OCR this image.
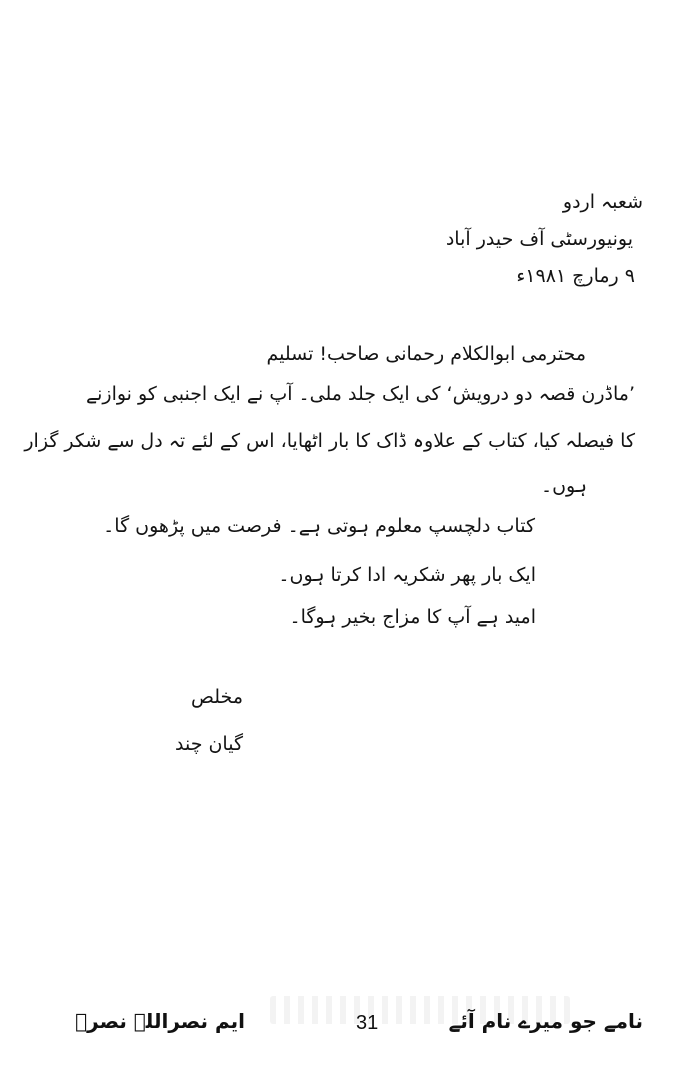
شعبہ اردو
یونیورسٹی آف حیدر آباد
۹ رمارچ ۱۹۸۱ء
محترمی ابوالکلام رحمانی صاحب! تسلیم
’ماڈرن قصہ دو درویش‘ کی ایک جلد ملی۔ آپ نے ایک اجنبی کو نوازنے
کا فیصلہ کیا، کتاب کے علاوہ ڈاک کا بار اٹھایا، اس کے لئے تہ دل سے شکر گزار
ہوں۔
کتاب دلچسپ معلوم ہوتی ہے۔ فرصت میں پڑھوں گا۔
ایک بار پھر شکریہ ادا کرتا ہوں۔
امید ہے آپ کا مزاج بخیر ہوگا۔
مخلص
گیان چند
نامے جو میرے نام آئے
31
ایم نصراللہ نصرؔ
